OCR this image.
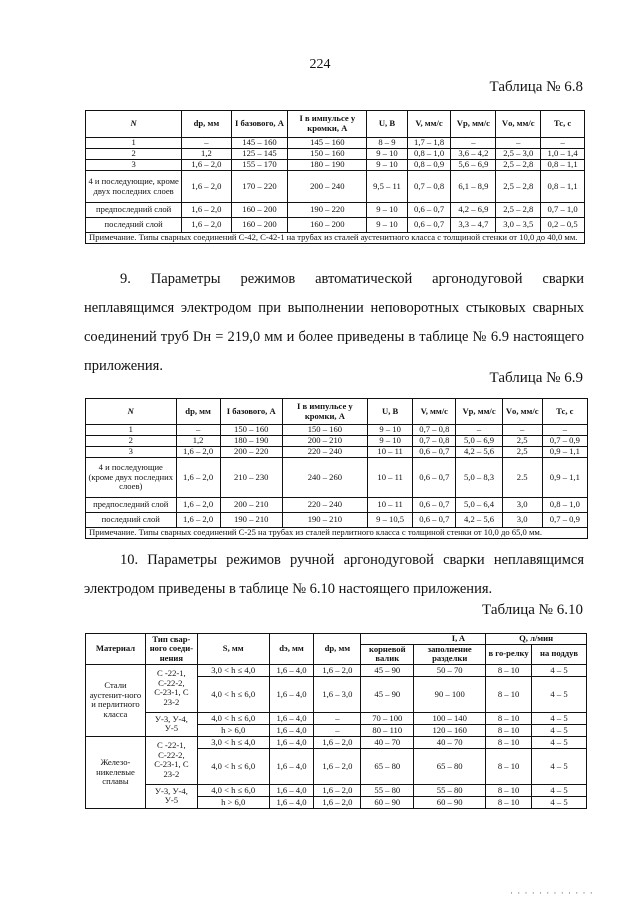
224
Таблица № 6.8
N	dр, мм	I базового, А	I в импульсе у кромки, А	U, B	V, мм/с	Vр, мм/с	Vо, мм/с	Тс, с
1	–	145 – 160	145 – 160	8 – 9	1,7 – 1,8	–	–	–
2	1,2	125 – 145	150 – 160	9 – 10	0,8 – 1,0	3,6 – 4,2	2,5 – 3,0	1,0 – 1,4
3	1,6 – 2,0	155 – 170	180 – 190	9 – 10	0,8 – 0,9	5,6 – 6,9	2,5 – 2,8	0,8 – 1,1
4 и последующие, кроме двух последних слоев	1,6 – 2,0	170 – 220	200 – 240	9,5 – 11	0,7 – 0,8	6,1 – 8,9	2,5 – 2,8	0,8 – 1,1
предпоследний слой	1,6 – 2,0	160 – 200	190 – 220	9 – 10	0,6 – 0,7	4,2 – 6,9	2,5 – 2,8	0,7 – 1,0
последний слой	1,6 – 2,0	160 – 200	160 – 200	9 – 10	0,6 – 0,7	3,3 – 4,7	3,0 – 3,5	0,2 – 0,5
Примечание. Типы сварных соединений С-42, С-42-1 на трубах из сталей аустенитного класса с толщиной стенки от 10,0 до 40,0 мм.								
9. Параметры режимов автоматической аргонодуговой сварки
неплавящимся электродом при выполнении неповоротных стыковых сварных соединений труб Dн = 219,0 мм и более приведены в таблице № 6.9 настоящего приложения.
Таблица № 6.9
N	dр, мм	I базового, А	I в импульсе у кромки, А	U, B	V, мм/с	Vр, мм/с	Vо, мм/с	Тс, с
1	–	150 – 160	150 – 160	9 – 10	0,7 – 0,8	–	–	–
2	1,2	180 – 190	200 – 210	9 – 10	0,7 – 0,8	5,0 – 6,9	2,5	0,7 – 0,9
3	1,6 – 2,0	200 – 220	220 – 240	10 – 11	0,6 – 0,7	4,2 – 5,6	2,5	0,9 – 1,1
4 и последующие (кроме двух последних слоев)	1,6 – 2,0	210 – 230	240 – 260	10 – 11	0,6 – 0,7	5,0 – 8,3	2.5	0,9 – 1,1
предпоследний слой	1,6 – 2,0	200 – 210	220 – 240	10 – 11	0,6 – 0,7	5,0 – 6,4	3,0	0,8 – 1,0
последний слой	1,6 – 2,0	190 – 210	190 – 210	9 – 10,5	0,6 – 0,7	4,2 – 5,6	3,0	0,7 – 0,9
Примечание. Типы сварных соединений С-25 на трубах из сталей перлитного класса с толщиной стенки от 10,0 до 65,0 мм.								
10. Параметры режимов ручной аргонодуговой сварки неплавящимся
электродом приведены в таблице № 6.10 настоящего приложения.
Таблица № 6.10
Материал	Тип свар-ного соеди-нения	S, мм	dэ, мм	dр, мм	I, A		Q, л/мин	
					корневой валик	заполнение разделки	в го-релку	на поддув
Стали аустенит-ного и перлитного класса	С -22-1, С-22-2, С-23-1, С 23-2	3,0 < h ≤ 4,0	1,6 – 4,0	1,6 – 2,0	45 – 90	50 – 70	8 – 10	4 – 5
		4,0 < h ≤ 6,0	1,6 – 4,0	1,6 – 3,0	45 – 90	90 – 100	8 – 10	4 – 5
	У-3, У-4, У-5	4,0 < h ≤ 6,0	1,6 – 4,0	–	70 – 100	100 – 140	8 – 10	4 – 5
		h > 6,0	1,6 – 4,0	–	80 – 110	120 – 160	8 – 10	4 – 5
Железо-никелевые сплавы	С -22-1, С-22-2, С-23-1, С 23-2	3,0 < h ≤ 4,0	1,6 – 4,0	1,6 – 2,0	40 – 70	40 – 70	8 – 10	4 – 5
		4,0 < h ≤ 6,0	1,6 – 4,0	1,6 – 2,0	65 – 80	65 – 80	8 – 10	4 – 5
	У-3, У-4, У-5	4,0 < h ≤ 6,0	1,6 – 4,0	1,6 – 2,0	55 – 80	55 – 80	8 – 10	4 – 5
		h > 6,0	1,6 – 4,0	1,6 – 2,0	60 – 90	60 – 90	8 – 10	4 – 5
· · · · · · · · · · · ·
